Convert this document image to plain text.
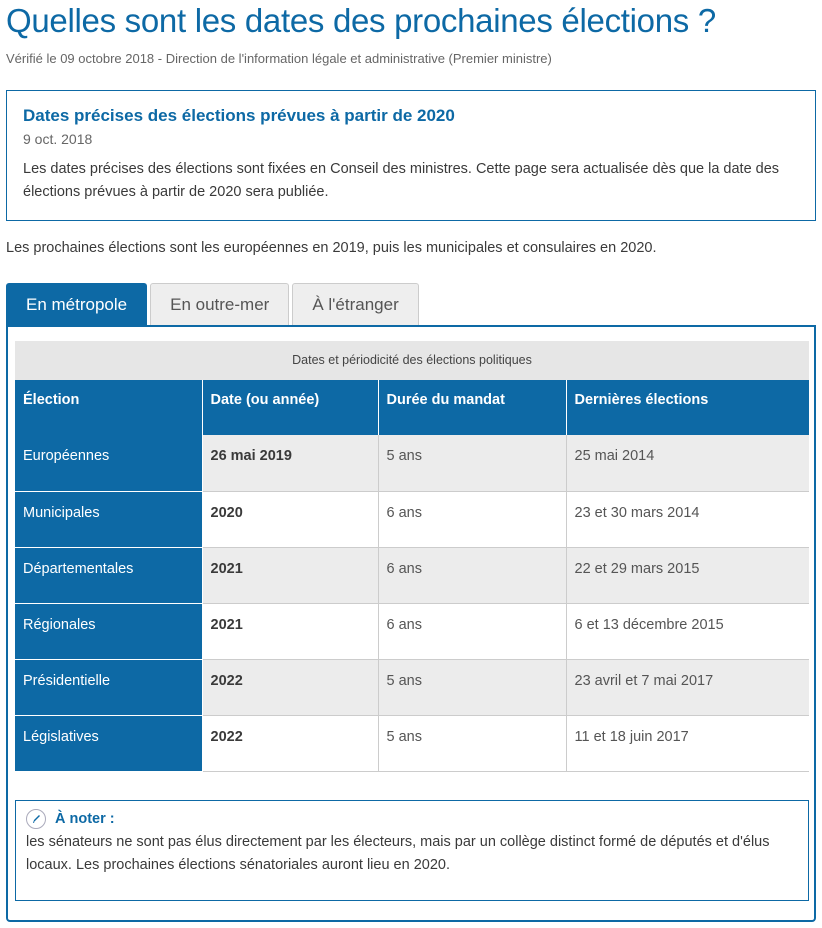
Quelles sont les dates des prochaines élections ?
Vérifié le 09 octobre 2018 - Direction de l'information légale et administrative (Premier ministre)
Dates précises des élections prévues à partir de 2020
9 oct. 2018
Les dates précises des élections sont fixées en Conseil des ministres. Cette page sera actualisée dès que la date des élections prévues à partir de 2020 sera publiée.

Les prochaines élections sont les européennes en 2019, puis les municipales et consulaires en 2020.

En métropole	En outre-mer	À l'étranger
Dates et périodicité des élections politiques
Élection	Date (ou année)	Durée du mandat	Dernières élections
Européennes	26 mai 2019	5 ans	25 mai 2014
Municipales	2020	6 ans	23 et 30 mars 2014
Départementales	2021	6 ans	22 et 29 mars 2015
Régionales	2021	6 ans	6 et 13 décembre 2015
Présidentielle	2022	5 ans	23 avril et 7 mai 2017
Législatives	2022	5 ans	11 et 18 juin 2017
À noter :
les sénateurs ne sont pas élus directement par les électeurs, mais par un collège distinct formé de députés et d'élus locaux. Les prochaines élections sénatoriales auront lieu en 2020.
